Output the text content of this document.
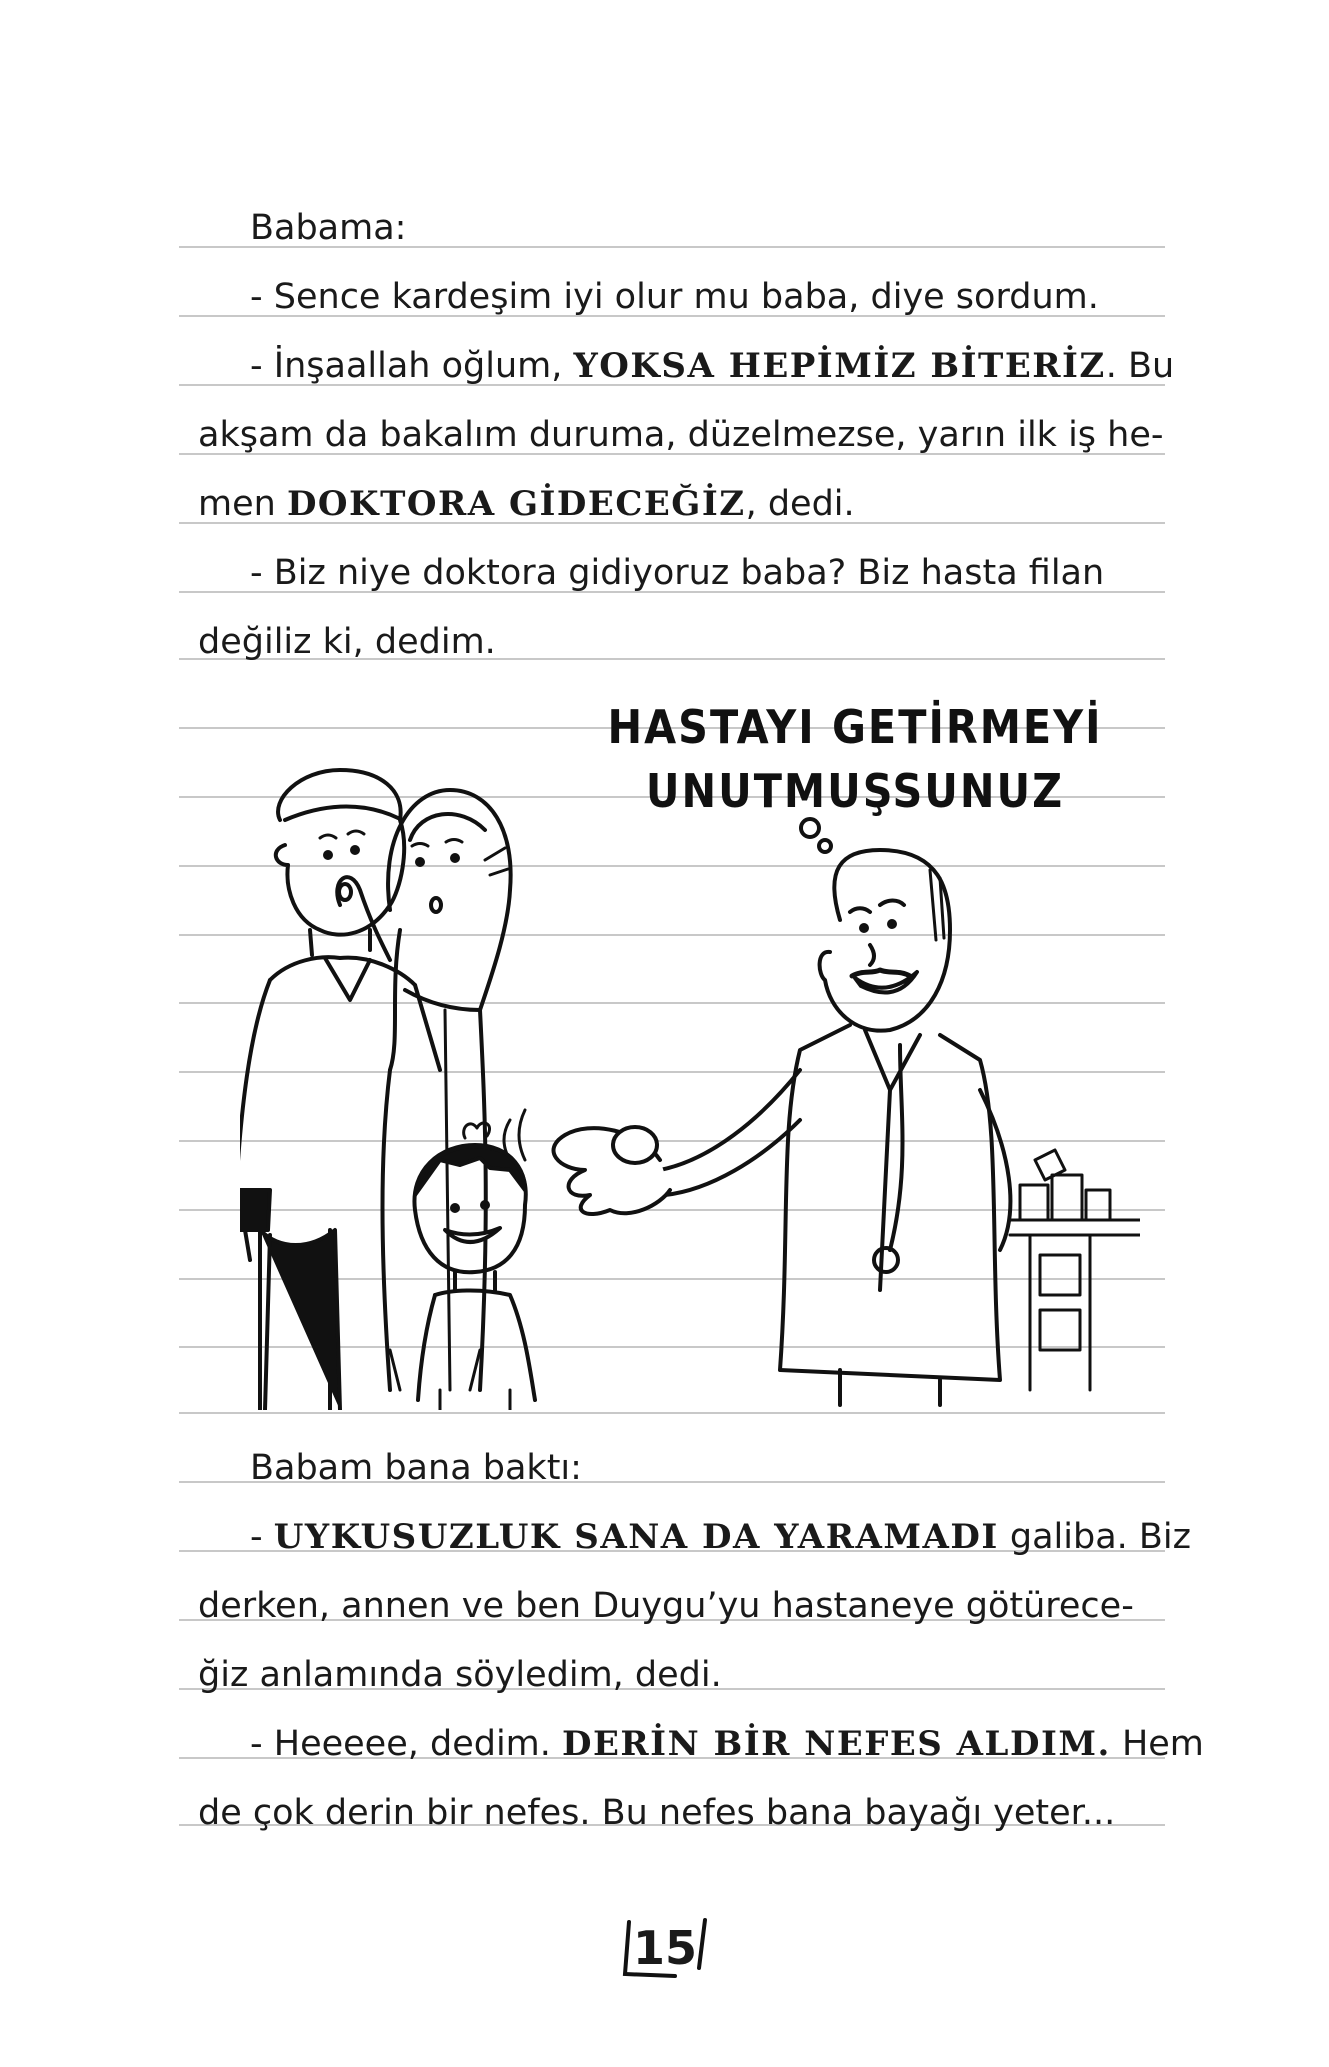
Babama:
- Sence kardeşim iyi olur mu baba, diye sordum.
- İnşaallah oğlum, YOKSA HEPİMİZ BİTERİZ. Bu
akşam da bakalım duruma, düzelmezse, yarın ilk iş he-
men DOKTORA GİDECEĞİZ, dedi.
- Biz niye doktora gidiyoruz baba? Biz hasta filan
değiliz ki, dedim.
HASTAYI GETİRMEYİ
UNUTMUŞSUNUZ
Babam bana baktı:
- UYKUSUZLUK SANA DA YARAMADI galiba. Biz
derken, annen ve ben Duygu’yu hastaneye götürece-
ğiz anlamında söyledim, dedi.
- Heeeee, dedim. DERİN BİR NEFES ALDIM. Hem
de çok derin bir nefes. Bu nefes bana bayağı yeter...
15
